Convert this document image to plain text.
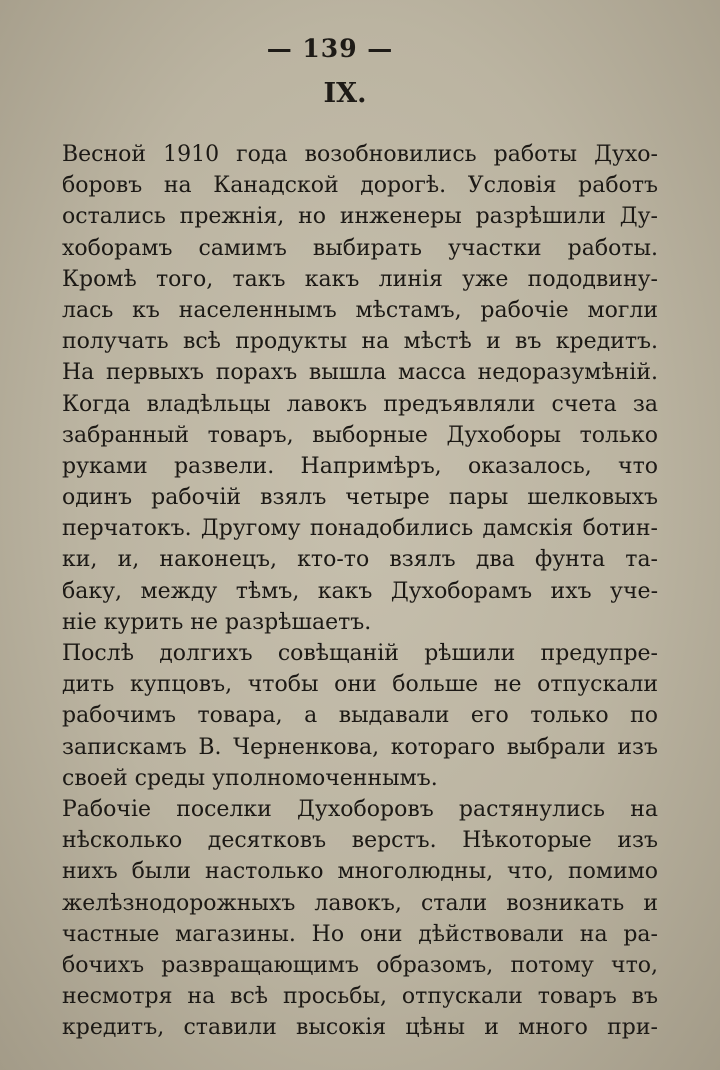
— 139 —
IX.
Весной 1910 года возобновились работы Духо-
боровъ на Канадской дорогѣ. Условія работъ
остались прежнія, но инженеры разрѣшили Ду-
хоборамъ самимъ выбирать участки работы.
Кромѣ того, такъ какъ линія уже пододвину-
лась къ населеннымъ мѣстамъ, рабочіе могли
получать всѣ продукты на мѣстѣ и въ кредитъ.
На первыхъ порахъ вышла масса недоразумѣній.
Когда владѣльцы лавокъ предъявляли счета за
забранный товаръ, выборные Духоборы только
руками развели. Напримѣръ, оказалось, что
одинъ рабочій взялъ четыре пары шелковыхъ
перчатокъ. Другому понадобились дамскія ботин-
ки, и, наконецъ, кто-то взялъ два фунта та-
баку, между тѣмъ, какъ Духоборамъ ихъ уче-
ніе курить не разрѣшаетъ.
Послѣ долгихъ совѣщаній рѣшили предупре-
дить купцовъ, чтобы они больше не отпускали
рабочимъ товара, а выдавали его только по
запискамъ В. Черненкова, котораго выбрали изъ
своей среды уполномоченнымъ.
Рабочіе поселки Духоборовъ растянулись на
нѣсколько десятковъ верстъ. Нѣкоторые изъ
нихъ были настолько многолюдны, что, помимо
желѣзнодорожныхъ лавокъ, стали возникать и
частные магазины. Но они дѣйствовали на ра-
бочихъ развращающимъ образомъ, потому что,
несмотря на всѣ просьбы, отпускали товаръ въ
кредитъ, ставили высокія цѣны и много при-
